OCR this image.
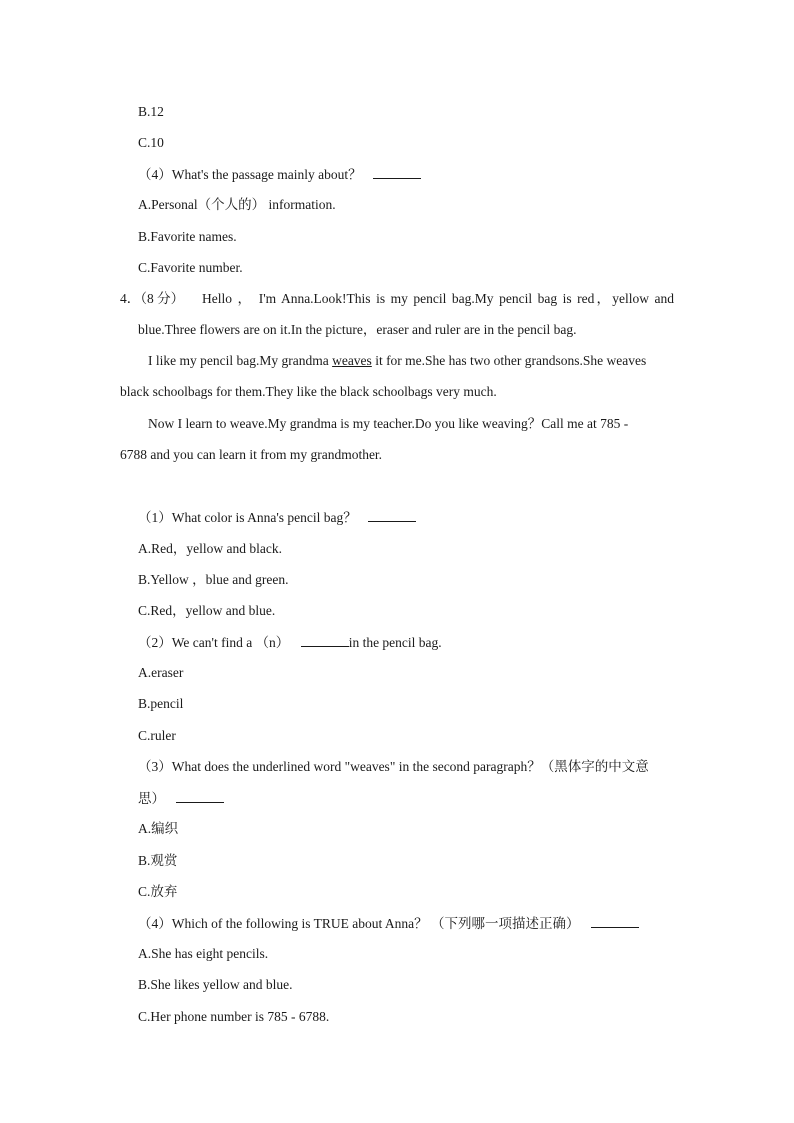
B.12
C.10
（4）What's the passage mainly about？
A.Personal（个人的） information.
B.Favorite names.
C.Favorite number.
4．（8 分） Hello ， I'm Anna.Look!This is my pencil bag.My pencil bag is red，yellow and
blue.Three flowers are on it.In the picture，eraser and ruler are in the pencil bag.
I like my pencil bag.My grandma weaves it for me.She has two other grandsons.She weaves
black schoolbags for them.They like the black schoolbags very much.
Now I learn to weave.My grandma is my teacher.Do you like weaving？Call me at 785 -
6788 and you can learn it from my grandmother.
（1）What color is Anna's pencil bag？
A.Red，yellow and black.
B.Yellow ，blue and green.
C.Red，yellow and blue.
（2）We can't find a （n）	in the pencil bag.
A.eraser
B.pencil
C.ruler
（3）What does the underlined word "weaves" in the second paragraph？（黑体字的中文意
思）
A.编织
B.观赏
C.放弃
（4）Which of the following is TRUE about Anna？ （下列哪一项描述正确）
A.She has eight pencils.
B.She likes yellow and blue.
C.Her phone number is 785 - 6788.
